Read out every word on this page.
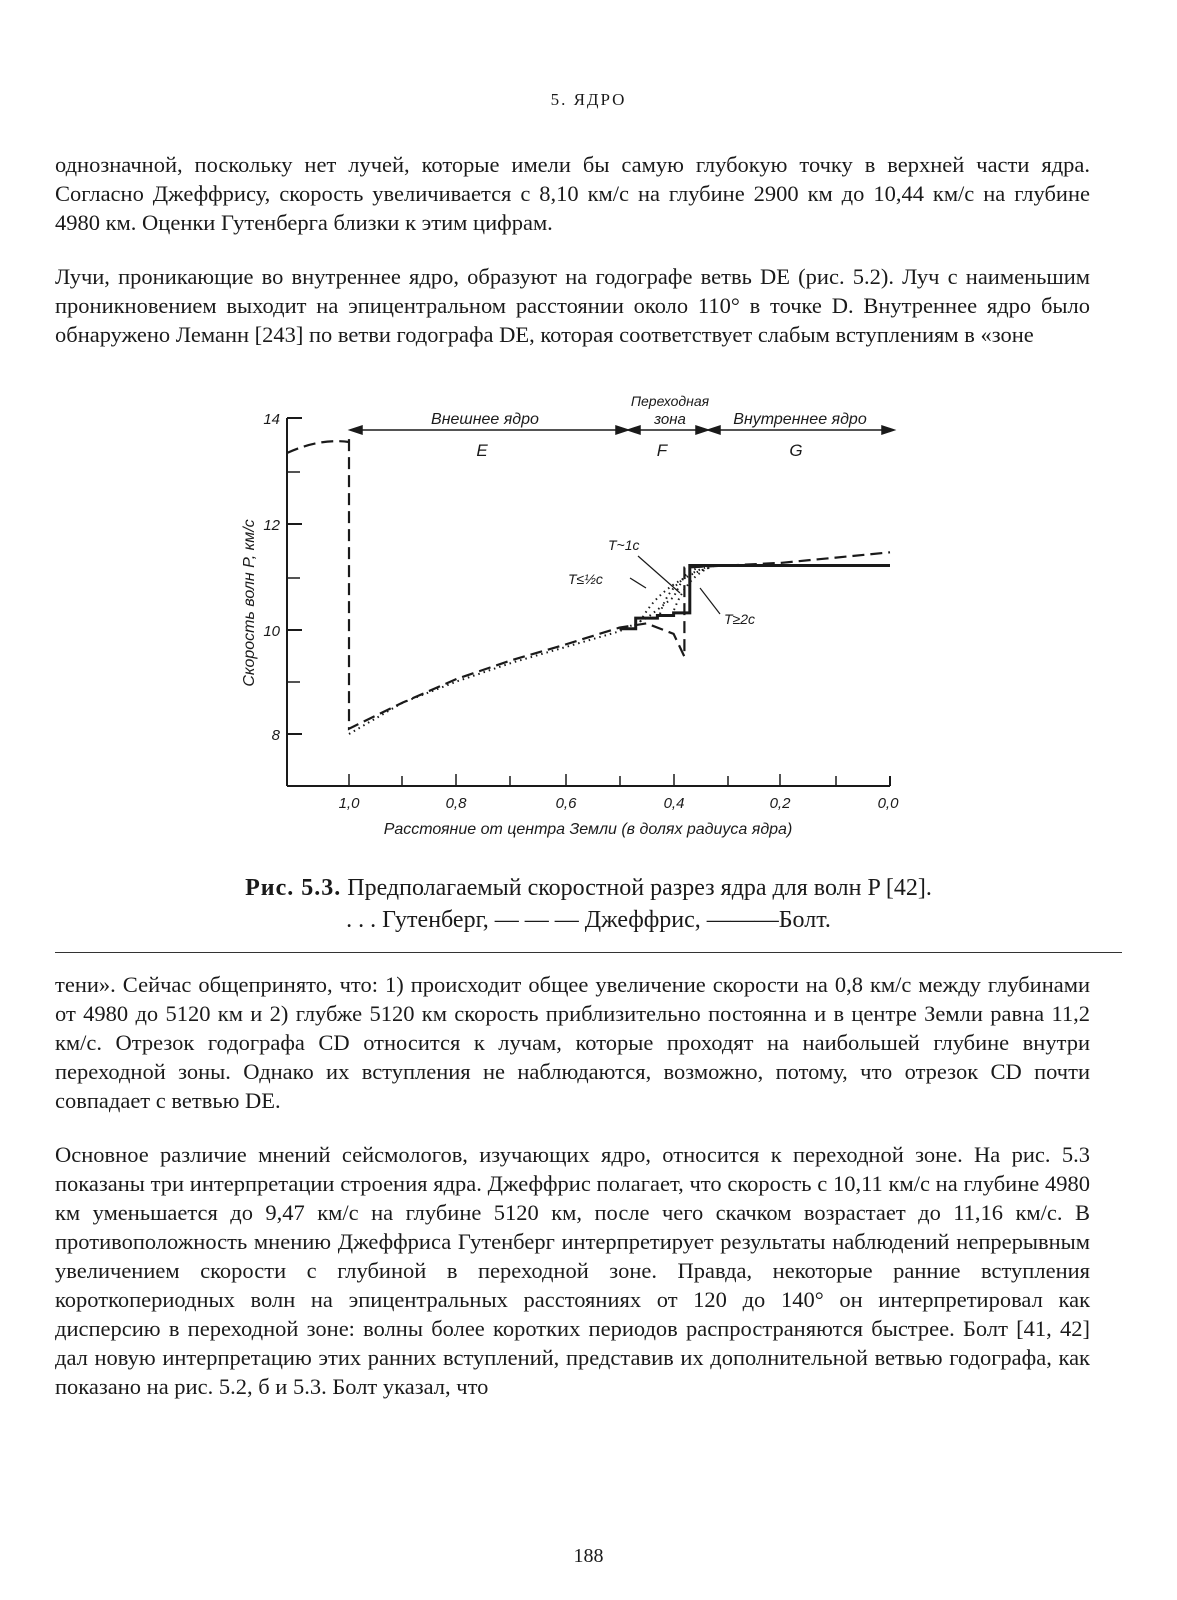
5. ЯДРО

однозначной, поскольку нет лучей, которые имели бы самую глубокую точку в верхней части ядра. Согласно Джеффрису, скорость увеличивается с 8,10 км/с на глубине 2900 км до 10,44 км/с на глубине 4980 км. Оценки Гутенберга близки к этим цифрам.

Лучи, проникающие во внутреннее ядро, образуют на годографе ветвь DE (рис. 5.2). Луч с наименьшим проникновением выходит на эпицентральном расстоянии около 110° в точке D. Внутреннее ядро было обнаружено Леманн [243] по ветви годографа DE, которая соответствует слабым вступлениям в «зоне

14
12
10
8
Скорость волн P, км/с
1,0	0,8	0,6	0,4	0,2	0,0
Расстояние от центра Земли (в долях радиуса ядра)
Внешнее ядро
E
Переходная
зона
F
Внутреннее ядро
G
T~1c
T≤½c
T≥2c
Рис. 5.3. Предполагаемый скоростной разрез ядра для волн P [42].
. . . Гутенберг, — — — Джеффрис, ———Болт.

тени». Сейчас общепринято, что: 1) происходит общее увеличение скорости на 0,8 км/с между глубинами от 4980 до 5120 км и 2) глубже 5120 км скорость приблизительно постоянна и в центре Земли равна 11,2 км/с. Отрезок годографа CD относится к лучам, которые проходят на наибольшей глубине внутри переходной зоны. Однако их вступления не наблюдаются, возможно, потому, что отрезок CD почти совпадает с ветвью DE.

Основное различие мнений сейсмологов, изучающих ядро, относится к переходной зоне. На рис. 5.3 показаны три интерпретации строения ядра. Джеффрис полагает, что скорость с 10,11 км/с на глубине 4980 км уменьшается до 9,47 км/с на глубине 5120 км, после чего скачком возрастает до 11,16 км/с. В противоположность мнению Джеффриса Гутенберг интерпретирует результаты наблюдений непрерывным увеличением скорости с глубиной в переходной зоне. Правда, некоторые ранние вступления короткопериодных волн на эпицентральных расстояниях от 120 до 140° он интерпретировал как дисперсию в переходной зоне: волны более коротких периодов распространяются быстрее. Болт [41, 42] дал новую интерпретацию этих ранних вступлений, представив их дополнительной ветвью годографа, как показано на рис. 5.2, б и 5.3. Болт указал, что

188
